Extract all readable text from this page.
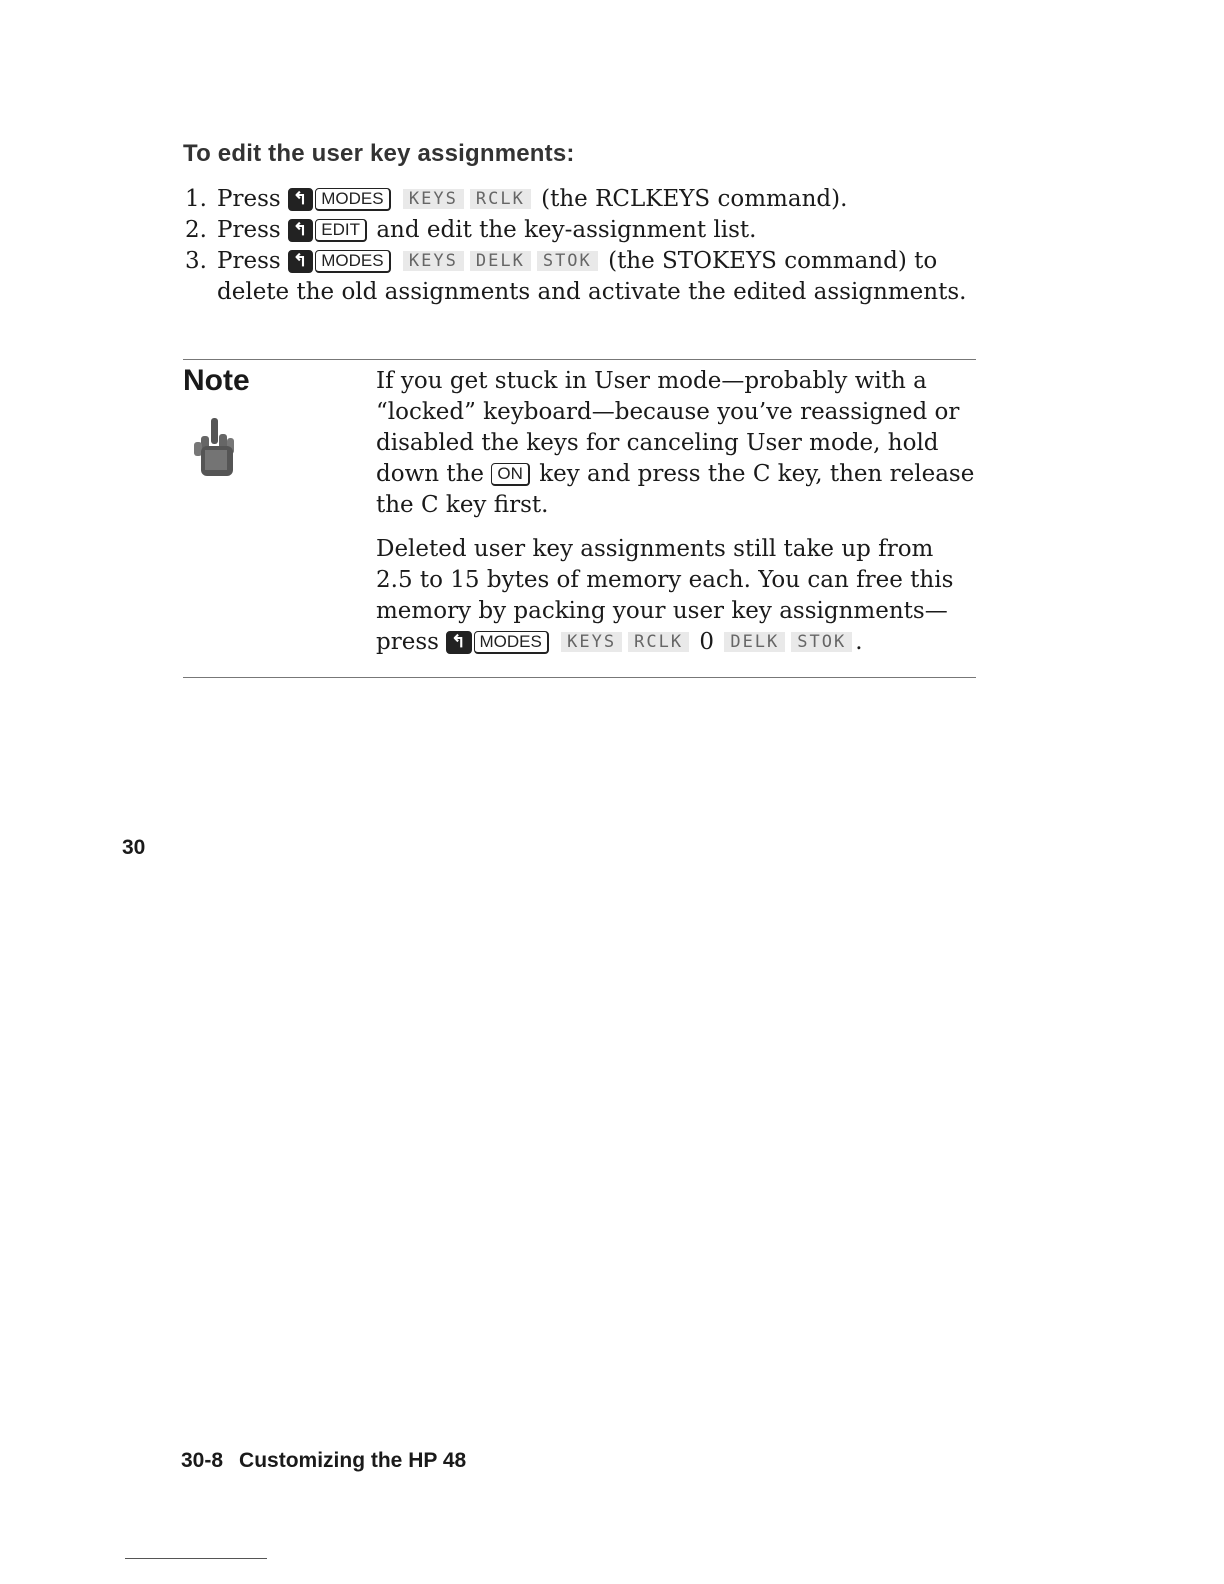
To edit the user key assignments:
1. Press ↰ MODES KEYS RCLK (the RCLKEYS command).
2. Press ↰ EDIT and edit the key-assignment list.
3. Press ↰ MODES KEYS DELK STOK (the STOKEYS command) to delete the old assignments and activate the edited assignments.
Note	If you get stuck in User mode—probably with a “locked” keyboard—because you’ve reassigned or disabled the keys for canceling User mode, hold down the ON key and press the C key, then release the C key first.

Deleted user key assignments still take up from 2.5 to 15 bytes of memory each. You can free this memory by packing your user key assignments—press ↰ MODES KEYS RCLK 0 DELK STOK .

30
30-8 Customizing the HP 48
